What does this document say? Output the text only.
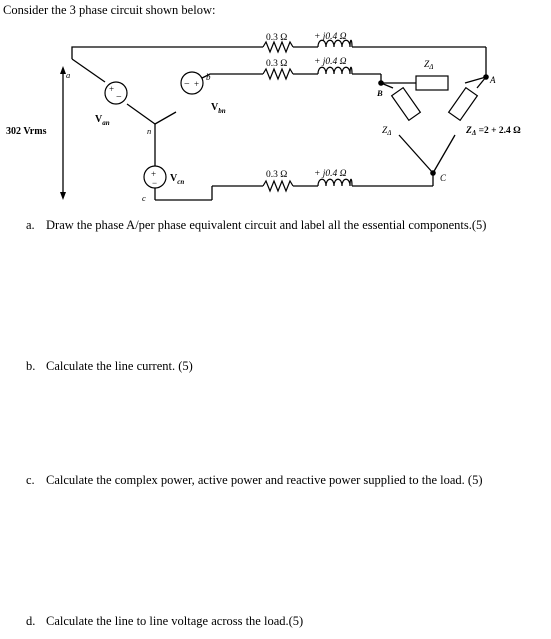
Consider the 3 phase circuit shown below:
+
−
− +
+
−
0.3 Ω	+ j0.4 Ω
0.3 Ω	+ j0.4 Ω
0.3 Ω	+ j0.4 Ω
302 Vrms
a	b
c
n
A
B
C
$V_{an}$
$V_{bn}$
$V_{cn}$
$Z_\Delta$
$Z_\Delta$	$Z_\Delta =2 + 2.4$ Ω
a. Draw the phase A/per phase equivalent circuit and label all the essential components.(5)
b. Calculate the line current. (5)
c. Calculate the complex power, active power and reactive power supplied to the load. (5)
d. Calculate the line to line voltage across the load.(5)
